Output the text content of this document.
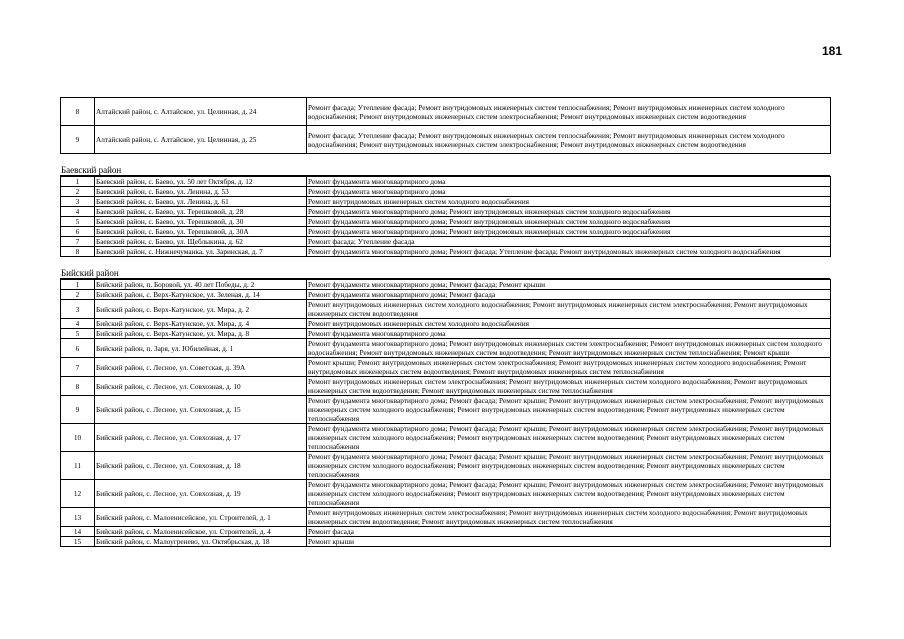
181
8	Алтайский район, с. Алтайское, ул. Целинная, д. 24	Ремонт фасада; Утепление фасада; Ремонт внутридомовых инженерных систем теплоснабжения; Ремонт внутридомовых инженерных систем холодного водоснабжения; Ремонт внутридомовых инженерных систем электроснабжения; Ремонт внутридомовых инженерных систем водоотведения
9	Алтайский район, с. Алтайское, ул. Целинная, д. 25	Ремонт фасада; Утепление фасада; Ремонт внутридомовых инженерных систем теплоснабжения; Ремонт внутридомовых инженерных систем холодного водоснабжения; Ремонт внутридомовых инженерных систем электроснабжения; Ремонт внутридомовых инженерных систем водоотведения
Баевский район
1	Баевский район, с. Баево, ул. 50 лет Октября, д. 12	Ремонт фундамента многоквартирного дома
2	Баевский район, с. Баево, ул. Ленина, д. 53	Ремонт фундамента многоквартирного дома
3	Баевский район, с. Баево, ул. Ленина, д. 61	Ремонт внутридомовых инженерных систем холодного водоснабжения
4	Баевский район, с. Баево, ул. Терешковой, д. 28	Ремонт фундамента многоквартирного дома; Ремонт внутридомовых инженерных систем холодного водоснабжения
5	Баевский район, с. Баево, ул. Терешковой, д. 30	Ремонт фундамента многоквартирного дома; Ремонт внутридомовых инженерных систем холодного водоснабжения
6	Баевский район, с. Баево, ул. Терешковой, д. 30А	Ремонт фундамента многоквартирного дома; Ремонт внутридомовых инженерных систем холодного водоснабжения
7	Баевский район, с. Баево, ул. Щеблыкина, д. 62	Ремонт фасада; Утепление фасада
8	Баевский район, с. Нижнечуманка, ул. Заринская, д. 7	Ремонт фундамента многоквартирного дома; Ремонт фасада; Утепление фасада; Ремонт внутридомовых инженерных систем холодного водоснабжения
Бийский район
1	Бийский район, п. Боровой, ул. 40 лет Победы, д. 2	Ремонт фундамента многоквартирного дома; Ремонт фасада; Ремонт крыши
2	Бийский район, с. Верх-Катунское, ул. Зеленая, д. 14	Ремонт фундамента многоквартирного дома; Ремонт фасада
3	Бийский район, с. Верх-Катунское, ул. Мира, д. 2	Ремонт внутридомовых инженерных систем холодного водоснабжения; Ремонт внутридомовых инженерных систем электроснабжения; Ремонт внутридомовых инженерных систем водоотведения
4	Бийский район, с. Верх-Катунское, ул. Мира, д. 4	Ремонт внутридомовых инженерных систем холодного водоснабжения
5	Бийский район, с. Верх-Катунское, ул. Мира, д. 8	Ремонт фундамента многоквартирного дома
6	Бийский район, п. Заря, ул. Юбилейная, д. 1	Ремонт фундамента многоквартирного дома; Ремонт внутридомовых инженерных систем электроснабжения; Ремонт внутридомовых инженерных систем холодного водоснабжения; Ремонт внутридомовых инженерных систем водоотведения; Ремонт внутридомовых инженерных систем теплоснабжения; Ремонт крыши
7	Бийский район, с. Лесное, ул. Советская, д. 39А	Ремонт крыши; Ремонт внутридомовых инженерных систем электроснабжения; Ремонт внутридомовых инженерных систем холодного водоснабжения; Ремонт внутридомовых инженерных систем водоотведения; Ремонт внутридомовых инженерных систем теплоснабжения
8	Бийский район, с. Лесное, ул. Совхозная, д. 10	Ремонт внутридомовых инженерных систем электроснабжения; Ремонт внутридомовых инженерных систем холодного водоснабжения; Ремонт внутридомовых инженерных систем водоотведения; Ремонт внутридомовых инженерных систем теплоснабжения
9	Бийский район, с. Лесное, ул. Совхозная, д. 15	Ремонт фундамента многоквартирного дома; Ремонт фасада; Ремонт крыши; Ремонт внутридомовых инженерных систем электроснабжения; Ремонт внутридомовых инженерных систем холодного водоснабжения; Ремонт внутридомовых инженерных систем водоотведения; Ремонт внутридомовых инженерных систем теплоснабжения
10	Бийский район, с. Лесное, ул. Совхозная, д. 17	Ремонт фундамента многоквартирного дома; Ремонт фасада; Ремонт крыши; Ремонт внутридомовых инженерных систем электроснабжения; Ремонт внутридомовых инженерных систем холодного водоснабжения; Ремонт внутридомовых инженерных систем водоотведения; Ремонт внутридомовых инженерных систем теплоснабжения
11	Бийский район, с. Лесное, ул. Совхозная, д. 18	Ремонт фундамента многоквартирного дома; Ремонт фасада; Ремонт крыши; Ремонт внутридомовых инженерных систем электроснабжения; Ремонт внутридомовых инженерных систем холодного водоснабжения; Ремонт внутридомовых инженерных систем водоотведения; Ремонт внутридомовых инженерных систем теплоснабжения
12	Бийский район, с. Лесное, ул. Совхозная, д. 19	Ремонт фундамента многоквартирного дома; Ремонт фасада; Ремонт крыши; Ремонт внутридомовых инженерных систем электроснабжения; Ремонт внутридомовых инженерных систем холодного водоснабжения; Ремонт внутридомовых инженерных систем водоотведения; Ремонт внутридомовых инженерных систем теплоснабжения
13	Бийский район, с. Малоенисейское, ул. Строителей, д. 1	Ремонт внутридомовых инженерных систем электроснабжения; Ремонт внутридомовых инженерных систем холодного водоснабжения; Ремонт внутридомовых инженерных систем водоотведения; Ремонт внутридомовых инженерных систем теплоснабжения
14	Бийский район, с. Малоенисейское, ул. Строителей, д. 4	Ремонт фасада
15	Бийский район, с. Малоугренево, ул. Октябрьская, д. 18	Ремонт крыши
